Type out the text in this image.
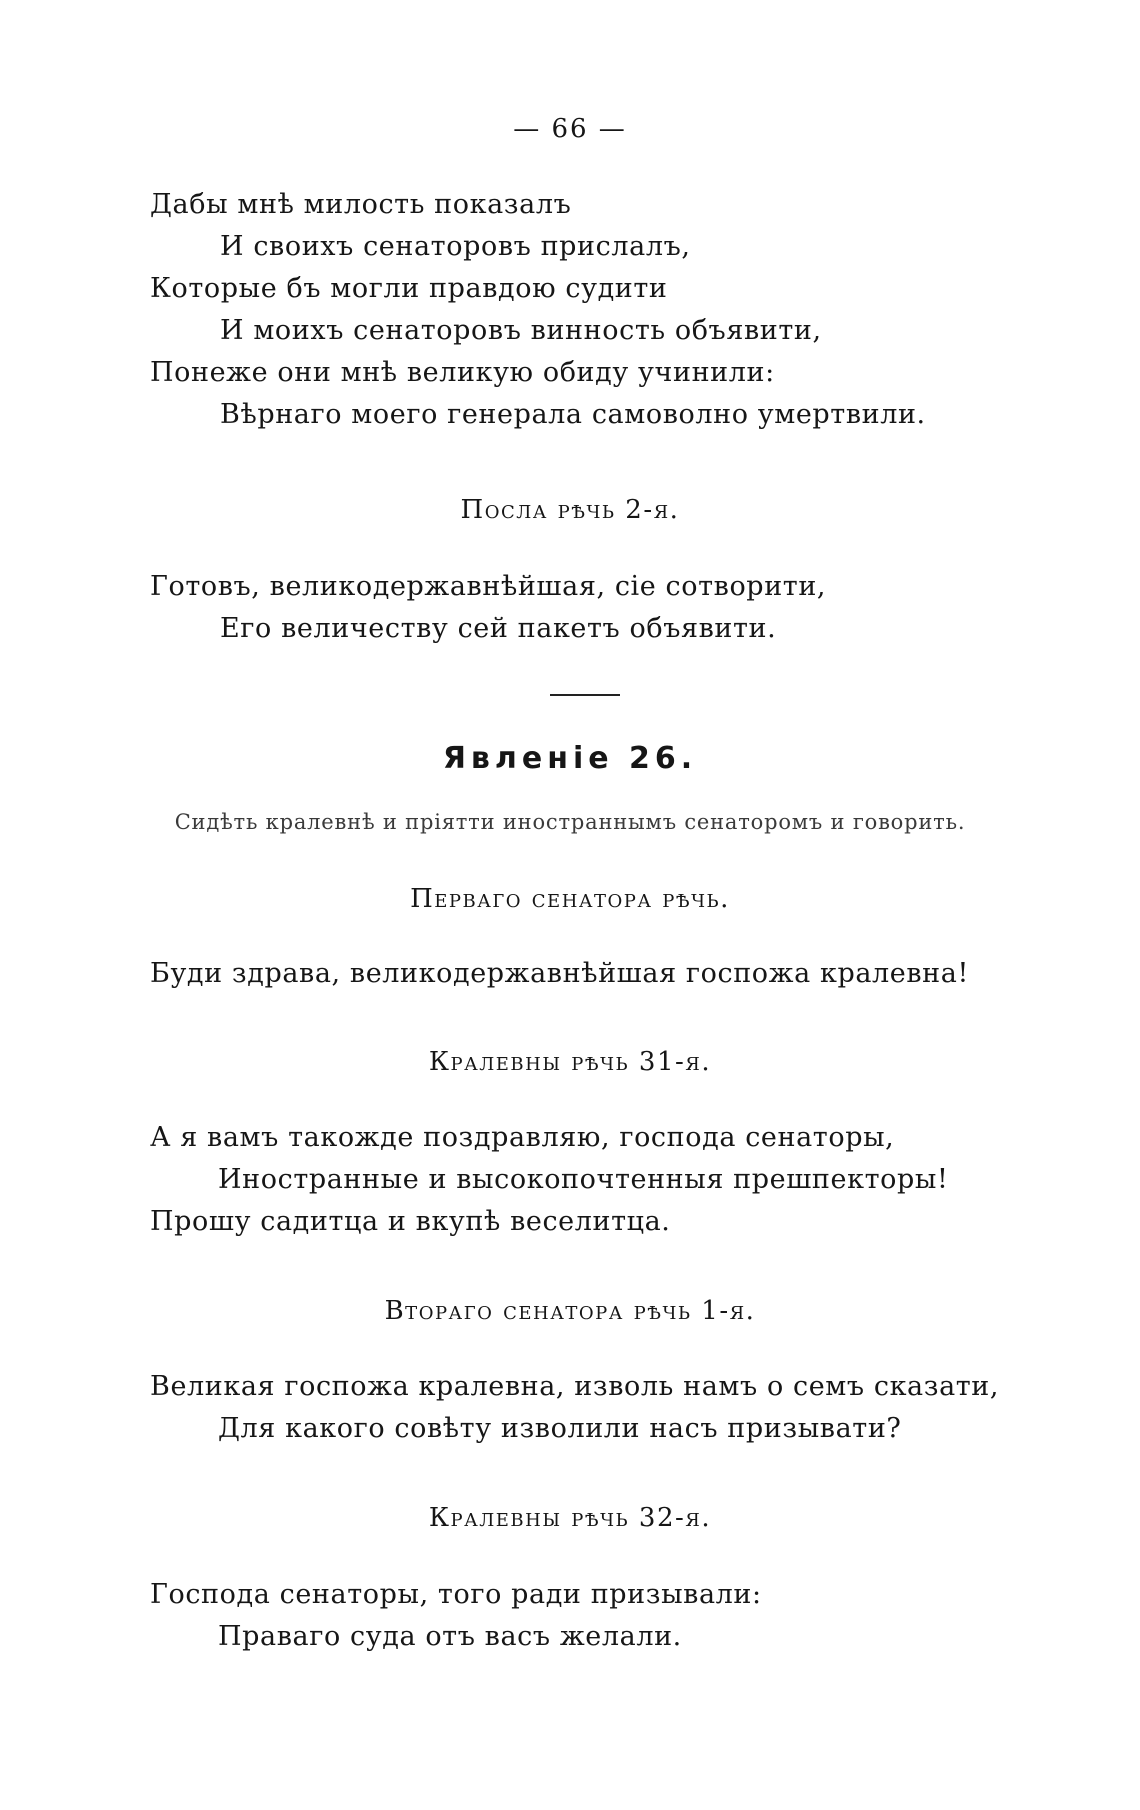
— 66 —
Дабы мнѣ милость показалъ
И своихъ сенаторовъ прислалъ,
Которые бъ могли правдою судити
И моихъ сенаторовъ винность объявити,
Понеже они мнѣ великую обиду учинили:
Вѣрнаго моего генерала самоволно умертвили.
Посла рѣчь 2-я.
Готовъ, великодержавнѣйшая, сіе сотворити,
Его величеству сей пакетъ объявити.
Явленіе 26.
Сидѣть кралевнѣ и пріятти иностраннымъ сенаторомъ и говорить.
Перваго сенатора рѣчь.
Буди здрава, великодержавнѣйшая госпожа кралевна!
Кралевны рѣчь 31-я.
А я вамъ такожде поздравляю, господа сенаторы,
Иностранные и высокопочтенныя прешпекторы!
Прошу садитца и вкупѣ веселитца.
Втораго сенатора рѣчь 1-я.
Великая госпожа кралевна, изволь намъ о семъ сказати,
Для какого совѣту изволили насъ призывати?
Кралевны рѣчь 32-я.
Господа сенаторы, того ради призывали:
Праваго суда отъ васъ желали.
